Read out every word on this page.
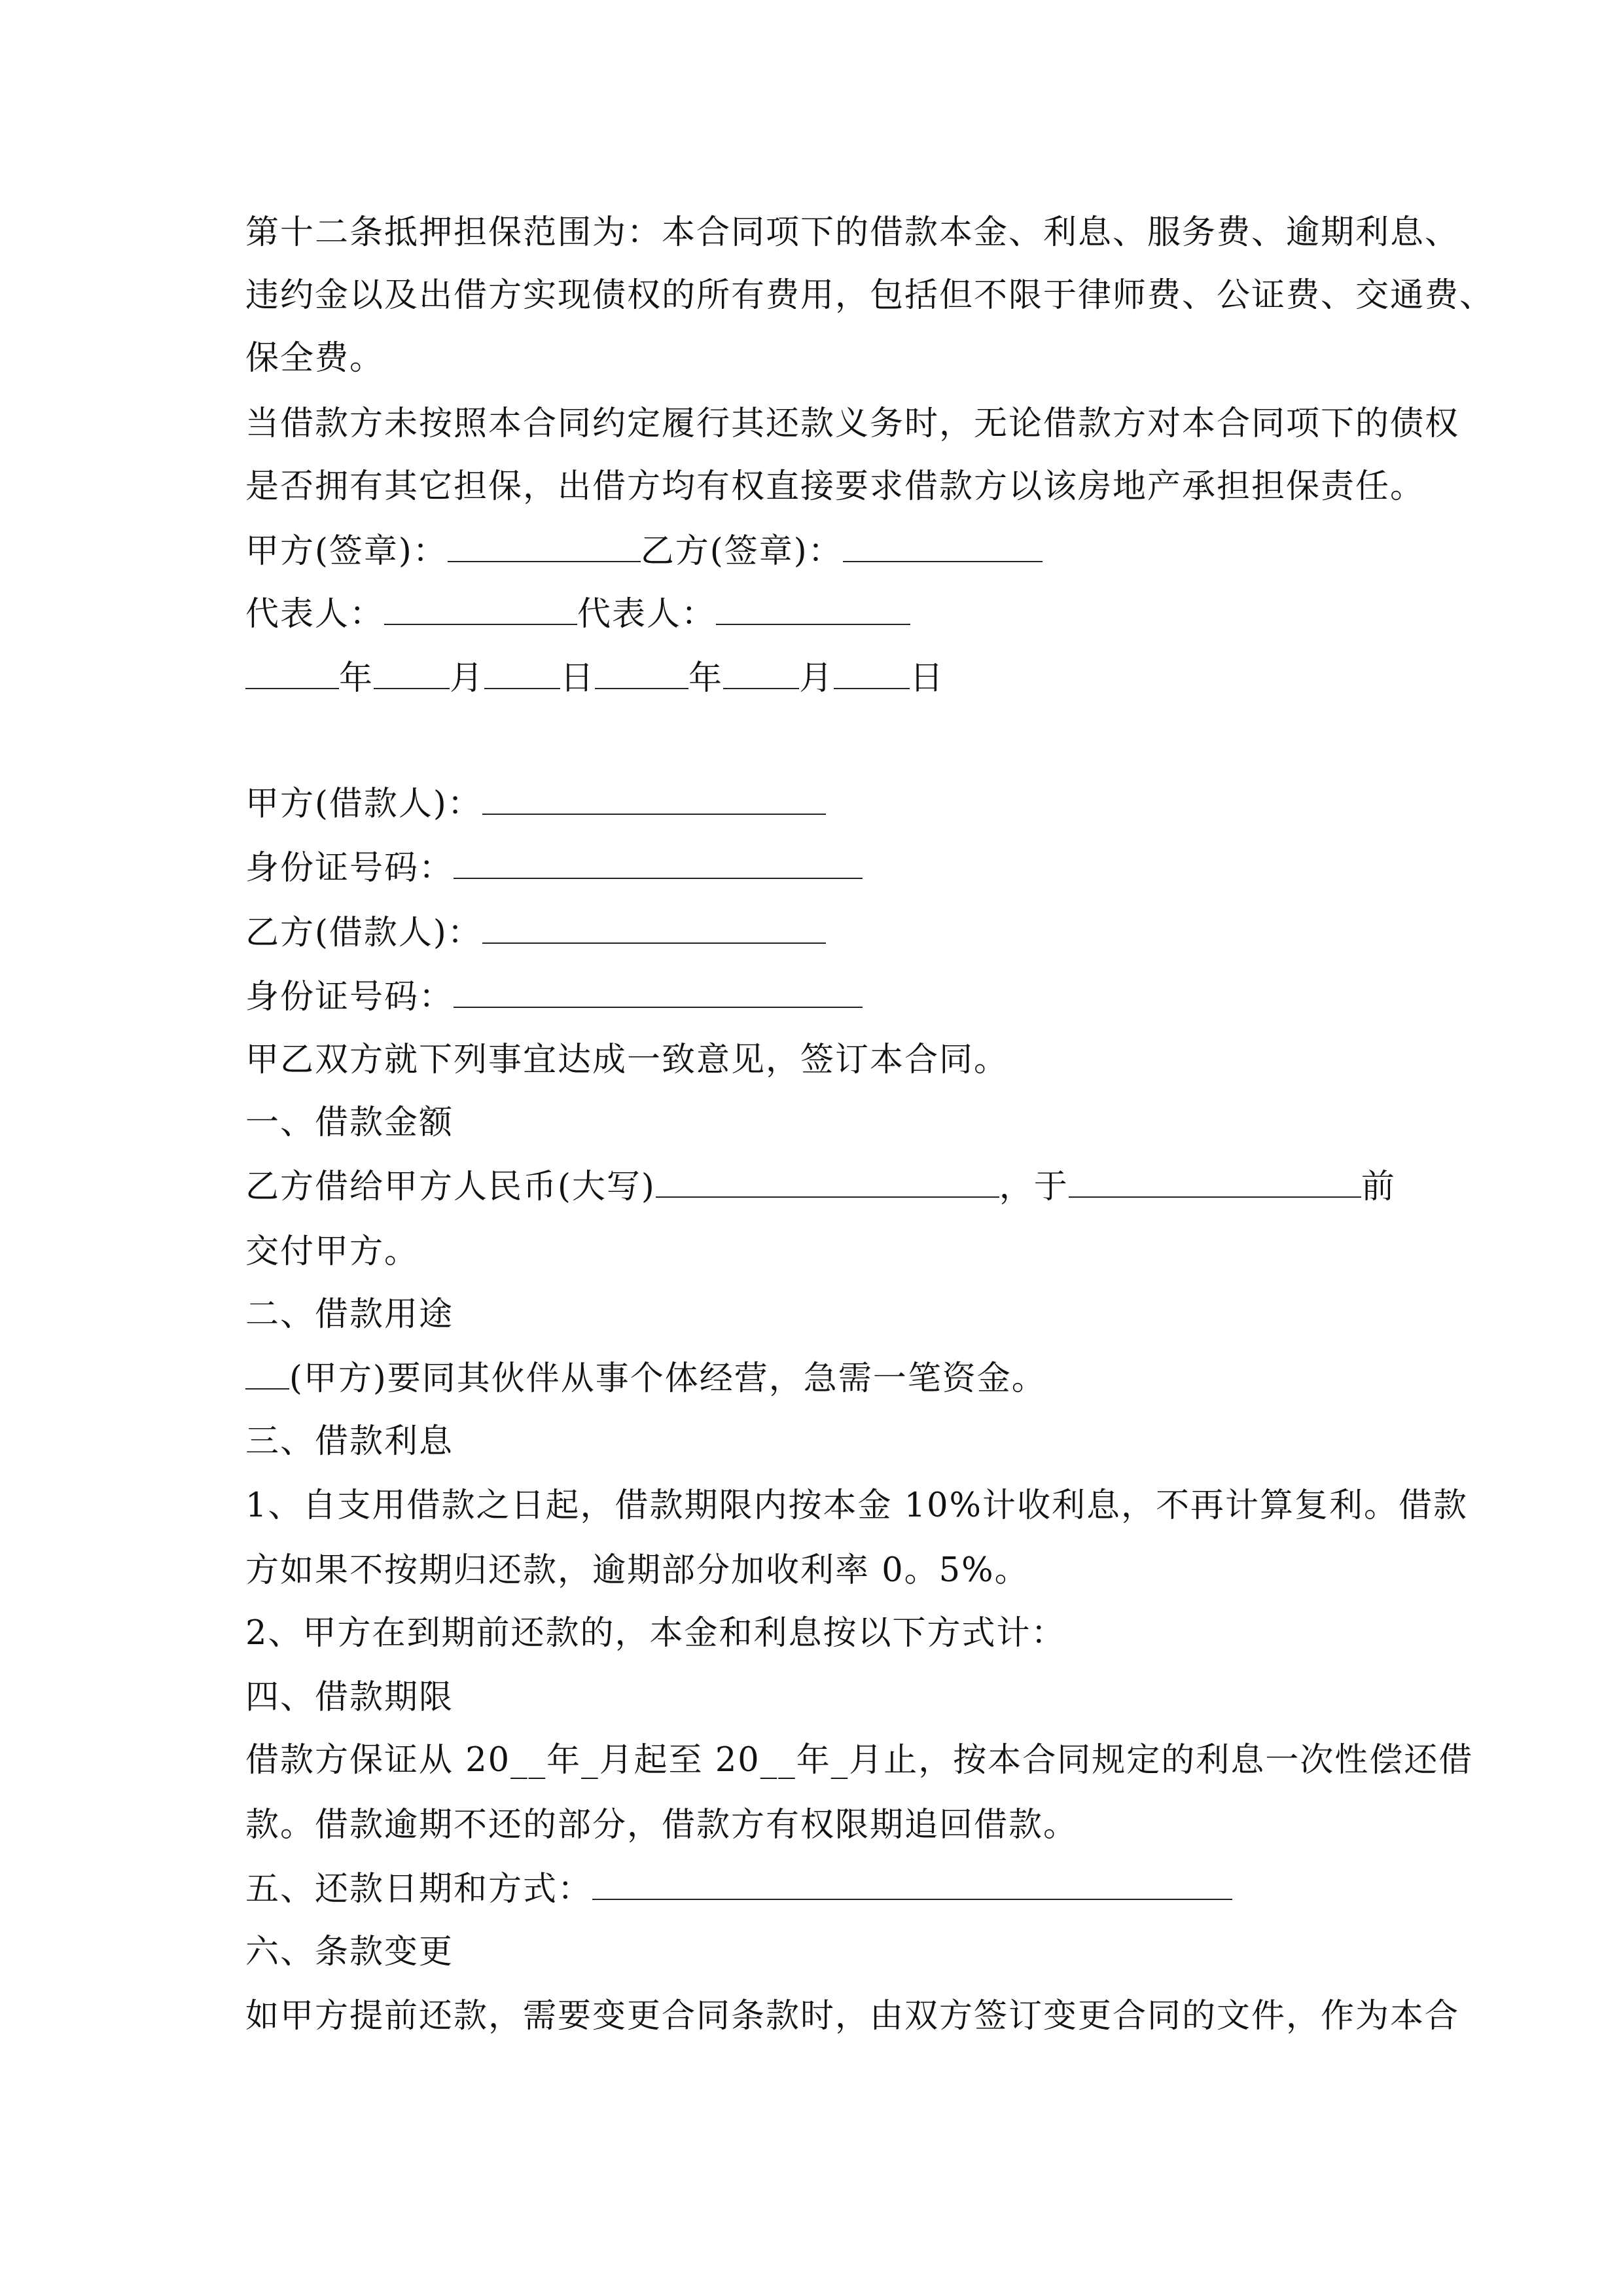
第十二条抵押担保范围为：本合同项下的借款本金、利息、服务费、逾期利息、
违约金以及出借方实现债权的所有费用，包括但不限于律师费、公证费、交通费、
保全费。
当借款方未按照本合同约定履行其还款义务时，无论借款方对本合同项下的债权
是否拥有其它担保，出借方均有权直接要求借款方以该房地产承担担保责任。
甲方(签章)：	乙方(签章)：
代表人：	代表人：
年 月 日	年 月 日
甲方(借款人)：
身份证号码：
乙方(借款人)：
身份证号码：
甲乙双方就下列事宜达成一致意见，签订本合同。
一、借款金额
乙方借给甲方人民币(大写)	，于	前
交付甲方。
二、借款用途
(甲方)要同其伙伴从事个体经营，急需一笔资金。
三、借款利息
1、自支用借款之日起，借款期限内按本金 10%计收利息，不再计算复利。借款
方如果不按期归还款，逾期部分加收利率 0。5%。
2、甲方在到期前还款的，本金和利息按以下方式计：
四、借款期限
借款方保证从 20__年_月起至 20__年_月止，按本合同规定的利息一次性偿还借
款。借款逾期不还的部分，借款方有权限期追回借款。
五、还款日期和方式：
六、条款变更
如甲方提前还款，需要变更合同条款时，由双方签订变更合同的文件，作为本合
